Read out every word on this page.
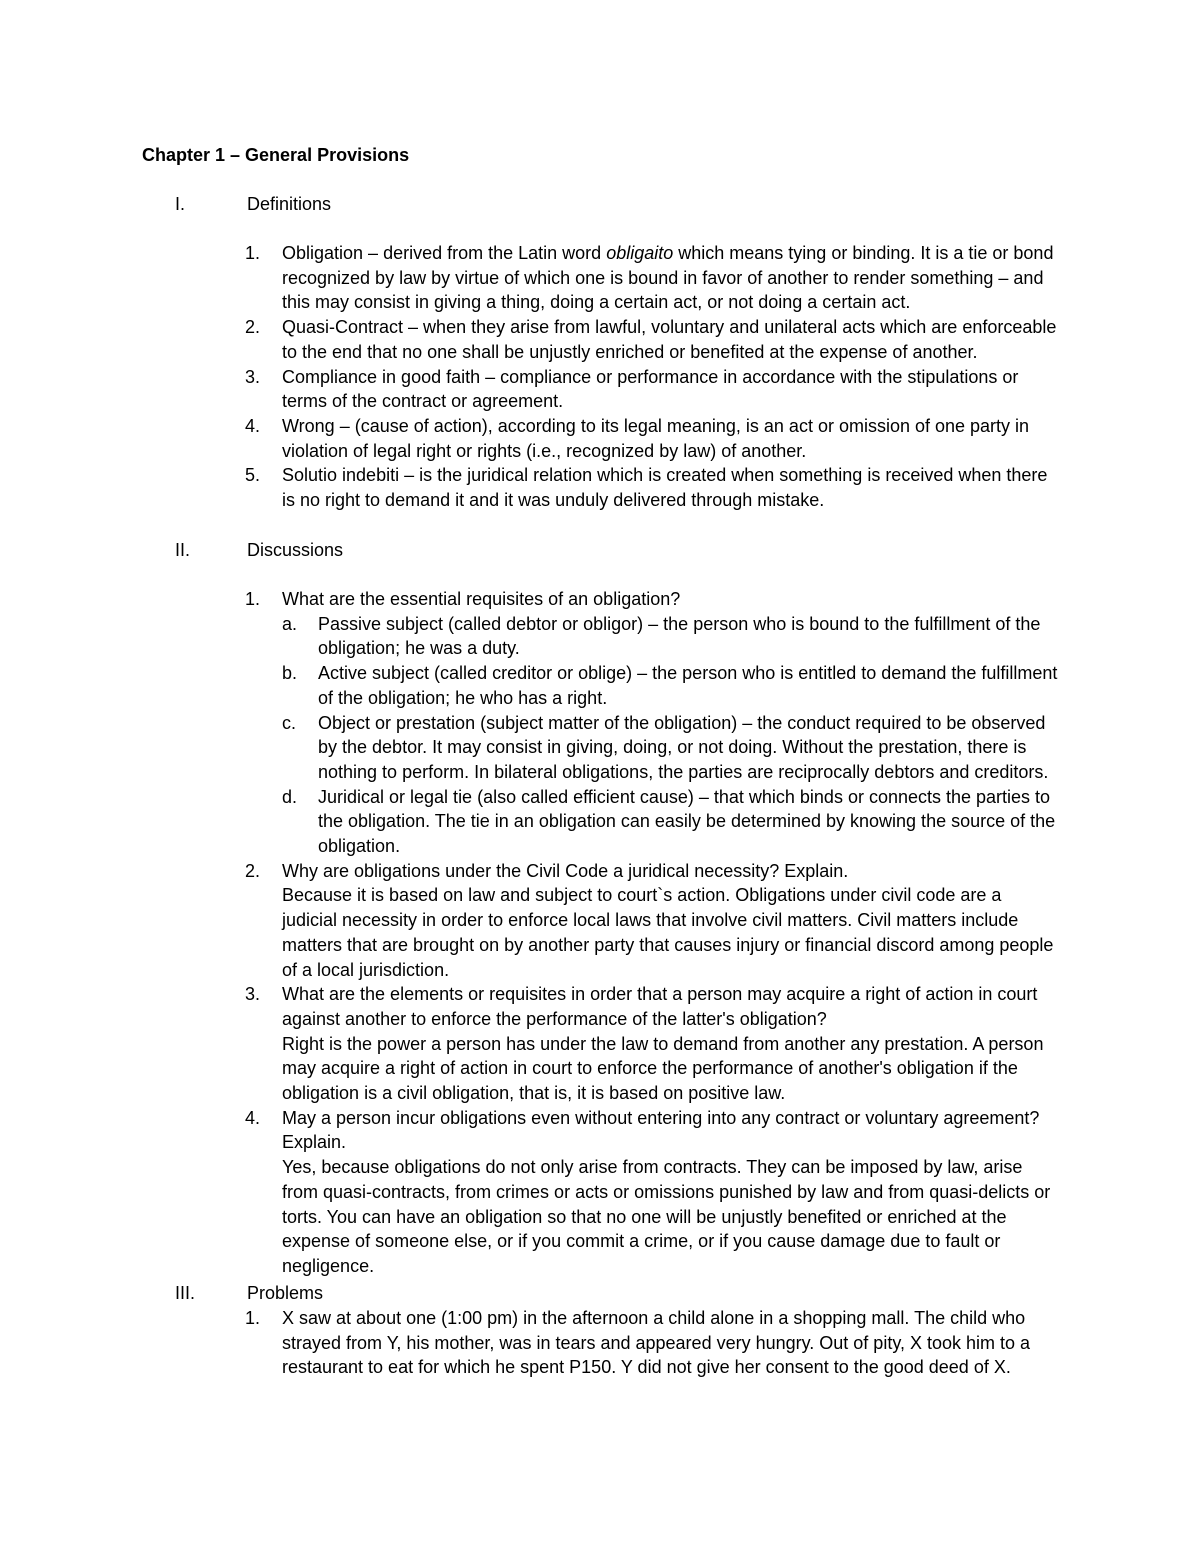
Chapter 1 – General Provisions
I.	Definitions
1. Obligation – derived from the Latin word obligaito which means tying or binding. It is a tie or bond recognized by law by virtue of which one is bound in favor of another to render something – and this may consist in giving a thing, doing a certain act, or not doing a certain act.
2. Quasi-Contract – when they arise from lawful, voluntary and unilateral acts which are enforceable to the end that no one shall be unjustly enriched or benefited at the expense of another.
3. Compliance in good faith – compliance or performance in accordance with the stipulations or terms of the contract or agreement.
4. Wrong – (cause of action), according to its legal meaning, is an act or omission of one party in violation of legal right or rights (i.e., recognized by law) of another.
5. Solutio indebiti – is the juridical relation which is created when something is received when there is no right to demand it and it was unduly delivered through mistake.
II.	Discussions
1. What are the essential requisites of an obligation?
a. Passive subject (called debtor or obligor) – the person who is bound to the fulfillment of the obligation; he was a duty.
b. Active subject (called creditor or oblige) – the person who is entitled to demand the fulfillment of the obligation; he who has a right.
c. Object or prestation (subject matter of the obligation) – the conduct required to be observed by the debtor. It may consist in giving, doing, or not doing. Without the prestation, there is nothing to perform. In bilateral obligations, the parties are reciprocally debtors and creditors.
d. Juridical or legal tie (also called efficient cause) – that which binds or connects the parties to the obligation. The tie in an obligation can easily be determined by knowing the source of the obligation.
2. Why are obligations under the Civil Code a juridical necessity? Explain.
Because it is based on law and subject to court`s action. Obligations under civil code are a judicial necessity in order to enforce local laws that involve civil matters. Civil matters include matters that are brought on by another party that causes injury or financial discord among people of a local jurisdiction.
3. What are the elements or requisites in order that a person may acquire a right of action in court against another to enforce the performance of the latter's obligation?
Right is the power a person has under the law to demand from another any prestation. A person may acquire a right of action in court to enforce the performance of another's obligation if the obligation is a civil obligation, that is, it is based on positive law.
4. May a person incur obligations even without entering into any contract or voluntary agreement? Explain.
Yes, because obligations do not only arise from contracts. They can be imposed by law, arise from quasi-contracts, from crimes or acts or omissions punished by law and from quasi-delicts or torts. You can have an obligation so that no one will be unjustly benefited or enriched at the expense of someone else, or if you commit a crime, or if you cause damage due to fault or negligence.
III.	Problems
1. X saw at about one (1:00 pm) in the afternoon a child alone in a shopping mall. The child who strayed from Y, his mother, was in tears and appeared very hungry. Out of pity, X took him to a restaurant to eat for which he spent P150. Y did not give her consent to the good deed of X.
